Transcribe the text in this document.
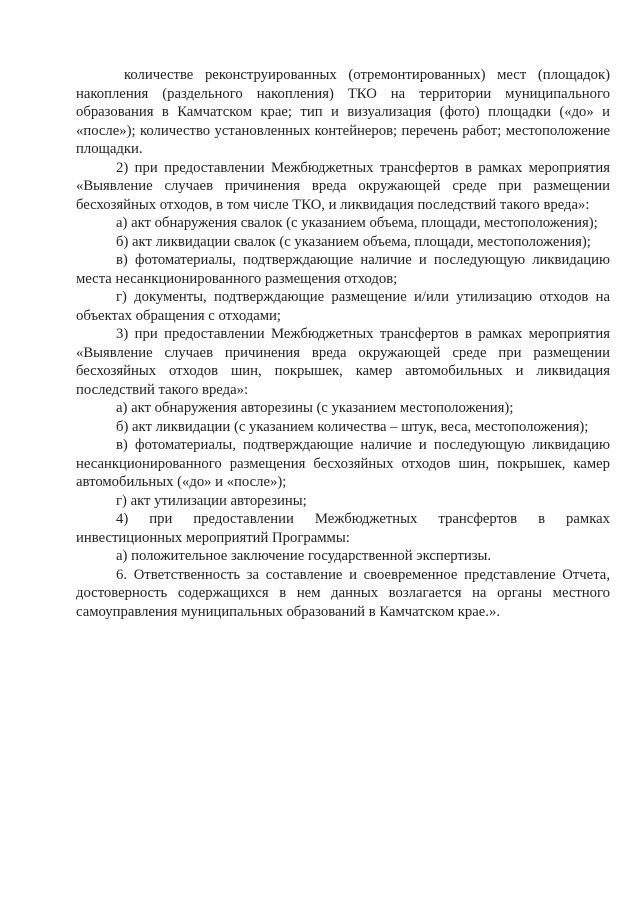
количестве реконструированных (отремонтированных) мест (площадок) накопления (раздельного накопления) ТКО на территории муниципального образования в Камчатском крае; тип и визуализация (фото) площадки («до» и «после»); количество установленных контейнеров; перечень работ; местоположение площадки.

2) при предоставлении Межбюджетных трансфертов в рамках мероприятия «Выявление случаев причинения вреда окружающей среде при размещении бесхозяйных отходов, в том числе ТКО, и ликвидация последствий такого вреда»:

а) акт обнаружения свалок (с указанием объема, площади, местоположения);

б) акт ликвидации свалок (с указанием объема, площади, местоположения);

в) фотоматериалы, подтверждающие наличие и последующую ликвидацию места несанкционированного размещения отходов;

г) документы, подтверждающие размещение и/или утилизацию отходов на объектах обращения с отходами;

3) при предоставлении Межбюджетных трансфертов в рамках мероприятия «Выявление случаев причинения вреда окружающей среде при размещении бесхозяйных отходов шин, покрышек, камер автомобильных и ликвидация последствий такого вреда»:

а) акт обнаружения авторезины (с указанием местоположения);

б) акт ликвидации (с указанием количества – штук, веса, местоположения);

в) фотоматериалы, подтверждающие наличие и последующую ликвидацию несанкционированного размещения бесхозяйных отходов шин, покрышек, камер автомобильных («до» и «после»);

г) акт утилизации авторезины;

4) при предоставлении Межбюджетных трансфертов в рамках инвестиционных мероприятий Программы:

а) положительное заключение государственной экспертизы.

6. Ответственность за составление и своевременное представление Отчета, достоверность содержащихся в нем данных возлагается на органы местного самоуправления муниципальных образований в Камчатском крае.».
